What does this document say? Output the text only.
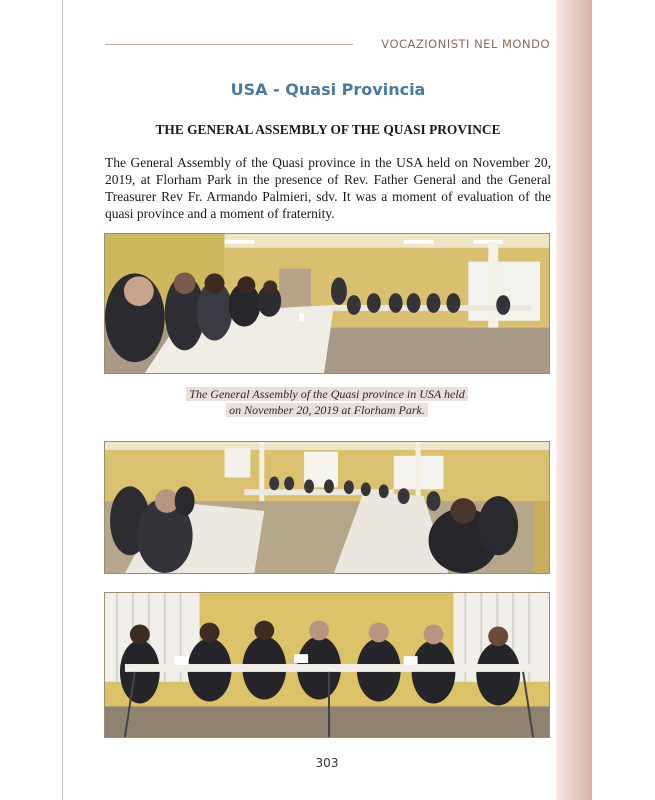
VOCAZIONISTI NEL MONDO
USA - Quasi Provincia
THE GENERAL ASSEMBLY OF THE QUASI PROVINCE

The General Assembly of the Quasi province in the USA held on November 20, 2019, at Florham Park in the presence of Rev. Father General and the General Treasurer Rev Fr. Armando Palmieri, sdv. It was a moment of evaluation of the quasi province and a moment of fraternity.

The General Assembly of the Quasi province in USA held
on November 20, 2019 at Florham Park.
303
